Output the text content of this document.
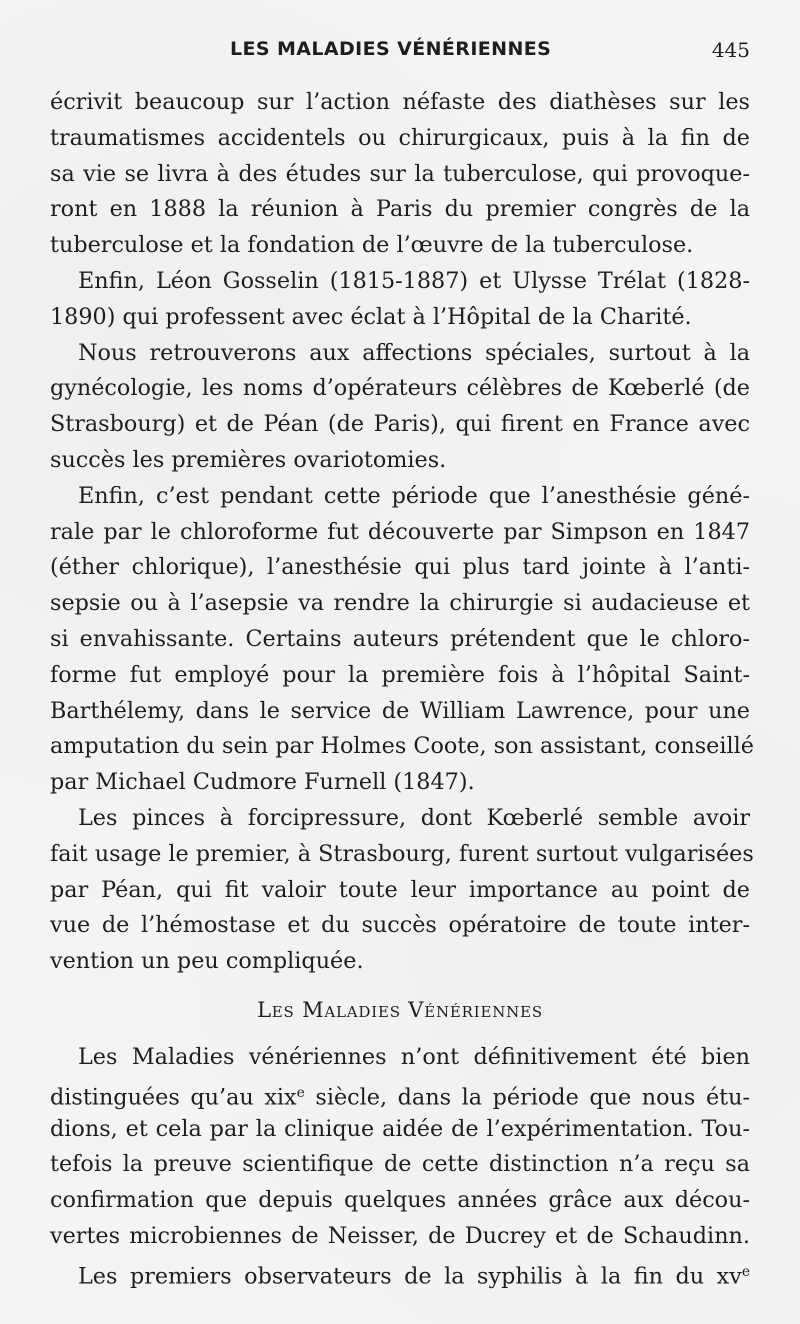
LES MALADIES VÉNÉRIENNES	445
écrivit beaucoup sur l’action néfaste des diathèses sur les
traumatismes accidentels ou chirurgicaux, puis à la fin de
sa vie se livra à des études sur la tuberculose, qui provoque-
ront en 1888 la réunion à Paris du premier congrès de la
tuberculose et la fondation de l’œuvre de la tuberculose.
Enfin, Léon Gosselin (1815-1887) et Ulysse Trélat (1828-
1890) qui professent avec éclat à l’Hôpital de la Charité.
Nous retrouverons aux affections spéciales, surtout à la
gynécologie, les noms d’opérateurs célèbres de Kœberlé (de
Strasbourg) et de Péan (de Paris), qui firent en France avec
succès les premières ovariotomies.
Enfin, c’est pendant cette période que l’anesthésie géné-
rale par le chloroforme fut découverte par Simpson en 1847
(éther chlorique), l’anesthésie qui plus tard jointe à l’anti-
sepsie ou à l’asepsie va rendre la chirurgie si audacieuse et
si envahissante. Certains auteurs prétendent que le chloro-
forme fut employé pour la première fois à l’hôpital Saint-
Barthélemy, dans le service de William Lawrence, pour une
amputation du sein par Holmes Coote, son assistant, conseillé
par Michael Cudmore Furnell (1847).
Les pinces à forcipressure, dont Kœberlé semble avoir
fait usage le premier, à Strasbourg, furent surtout vulgarisées
par Péan, qui fit valoir toute leur importance au point de
vue de l’hémostase et du succès opératoire de toute inter-
vention un peu compliquée.
Les Maladies Vénériennes
Les Maladies vénériennes n’ont définitivement été bien
distinguées qu’au xix$^e$ siècle, dans la période que nous étu-
dions, et cela par la clinique aidée de l’expérimentation. Tou-
tefois la preuve scientifique de cette distinction n’a reçu sa
confirmation que depuis quelques années grâce aux décou-
vertes microbiennes de Neisser, de Ducrey et de Schaudinn.
Les premiers observateurs de la syphilis à la fin du $xv^e$
